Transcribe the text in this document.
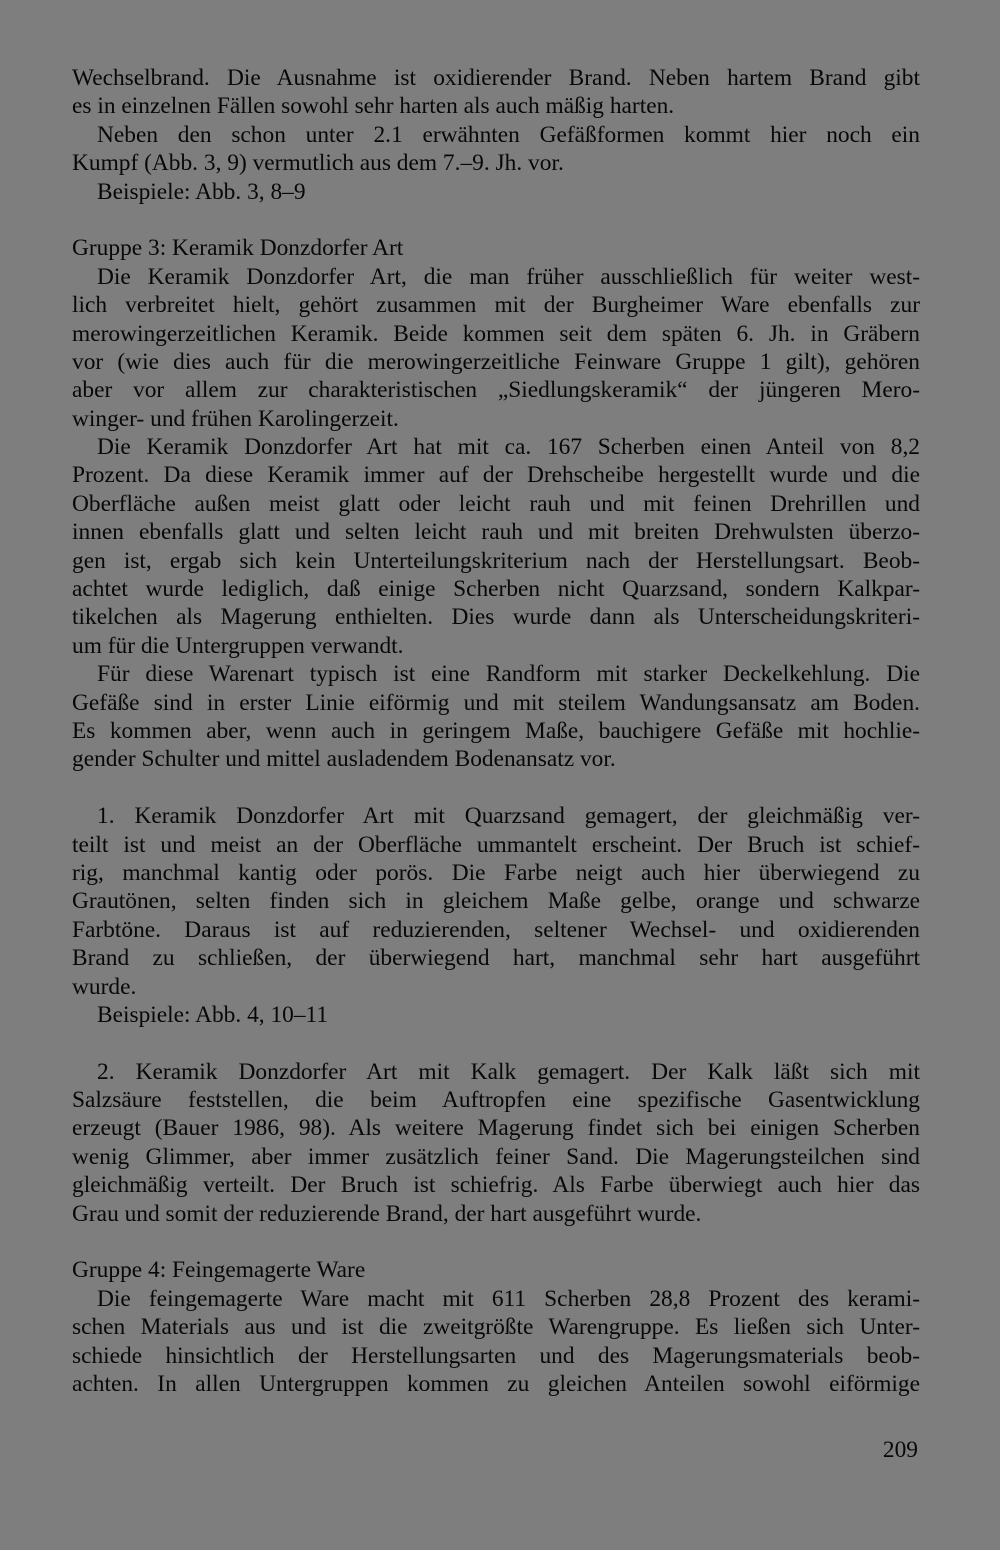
Wechselbrand. Die Ausnahme ist oxidierender Brand. Neben hartem Brand gibt
es in einzelnen Fällen sowohl sehr harten als auch mäßig harten.
Neben den schon unter 2.1 erwähnten Gefäßformen kommt hier noch ein
Kumpf (Abb. 3, 9) vermutlich aus dem 7.–9. Jh. vor.
Beispiele: Abb. 3, 8–9
Gruppe 3: Keramik Donzdorfer Art
Die Keramik Donzdorfer Art, die man früher ausschließlich für weiter west-
lich verbreitet hielt, gehört zusammen mit der Burgheimer Ware ebenfalls zur
merowingerzeitlichen Keramik. Beide kommen seit dem späten 6. Jh. in Gräbern
vor (wie dies auch für die merowingerzeitliche Feinware Gruppe 1 gilt), gehören
aber vor allem zur charakteristischen „Siedlungskeramik“ der jüngeren Mero-
winger- und frühen Karolingerzeit.
Die Keramik Donzdorfer Art hat mit ca. 167 Scherben einen Anteil von 8,2
Prozent. Da diese Keramik immer auf der Drehscheibe hergestellt wurde und die
Oberfläche außen meist glatt oder leicht rauh und mit feinen Drehrillen und
innen ebenfalls glatt und selten leicht rauh und mit breiten Drehwulsten überzo-
gen ist, ergab sich kein Unterteilungskriterium nach der Herstellungsart. Beob-
achtet wurde lediglich, daß einige Scherben nicht Quarzsand, sondern Kalkpar-
tikelchen als Magerung enthielten. Dies wurde dann als Unterscheidungskriteri-
um für die Untergruppen verwandt.
Für diese Warenart typisch ist eine Randform mit starker Deckelkehlung. Die
Gefäße sind in erster Linie eiförmig und mit steilem Wandungsansatz am Boden.
Es kommen aber, wenn auch in geringem Maße, bauchigere Gefäße mit hochlie-
gender Schulter und mittel ausladendem Bodenansatz vor.
1. Keramik Donzdorfer Art mit Quarzsand gemagert, der gleichmäßig ver-
teilt ist und meist an der Oberfläche ummantelt erscheint. Der Bruch ist schief-
rig, manchmal kantig oder porös. Die Farbe neigt auch hier überwiegend zu
Grautönen, selten finden sich in gleichem Maße gelbe, orange und schwarze
Farbtöne. Daraus ist auf reduzierenden, seltener Wechsel- und oxidierenden
Brand zu schließen, der überwiegend hart, manchmal sehr hart ausgeführt
wurde.
Beispiele: Abb. 4, 10–11
2. Keramik Donzdorfer Art mit Kalk gemagert. Der Kalk läßt sich mit
Salzsäure feststellen, die beim Auftropfen eine spezifische Gasentwicklung
erzeugt (Bauer 1986, 98). Als weitere Magerung findet sich bei einigen Scherben
wenig Glimmer, aber immer zusätzlich feiner Sand. Die Magerungsteilchen sind
gleichmäßig verteilt. Der Bruch ist schiefrig. Als Farbe überwiegt auch hier das
Grau und somit der reduzierende Brand, der hart ausgeführt wurde.
Gruppe 4: Feingemagerte Ware
Die feingemagerte Ware macht mit 611 Scherben 28,8 Prozent des kerami-
schen Materials aus und ist die zweitgrößte Warengruppe. Es ließen sich Unter-
schiede hinsichtlich der Herstellungsarten und des Magerungsmaterials beob-
achten. In allen Untergruppen kommen zu gleichen Anteilen sowohl eiförmige
209
